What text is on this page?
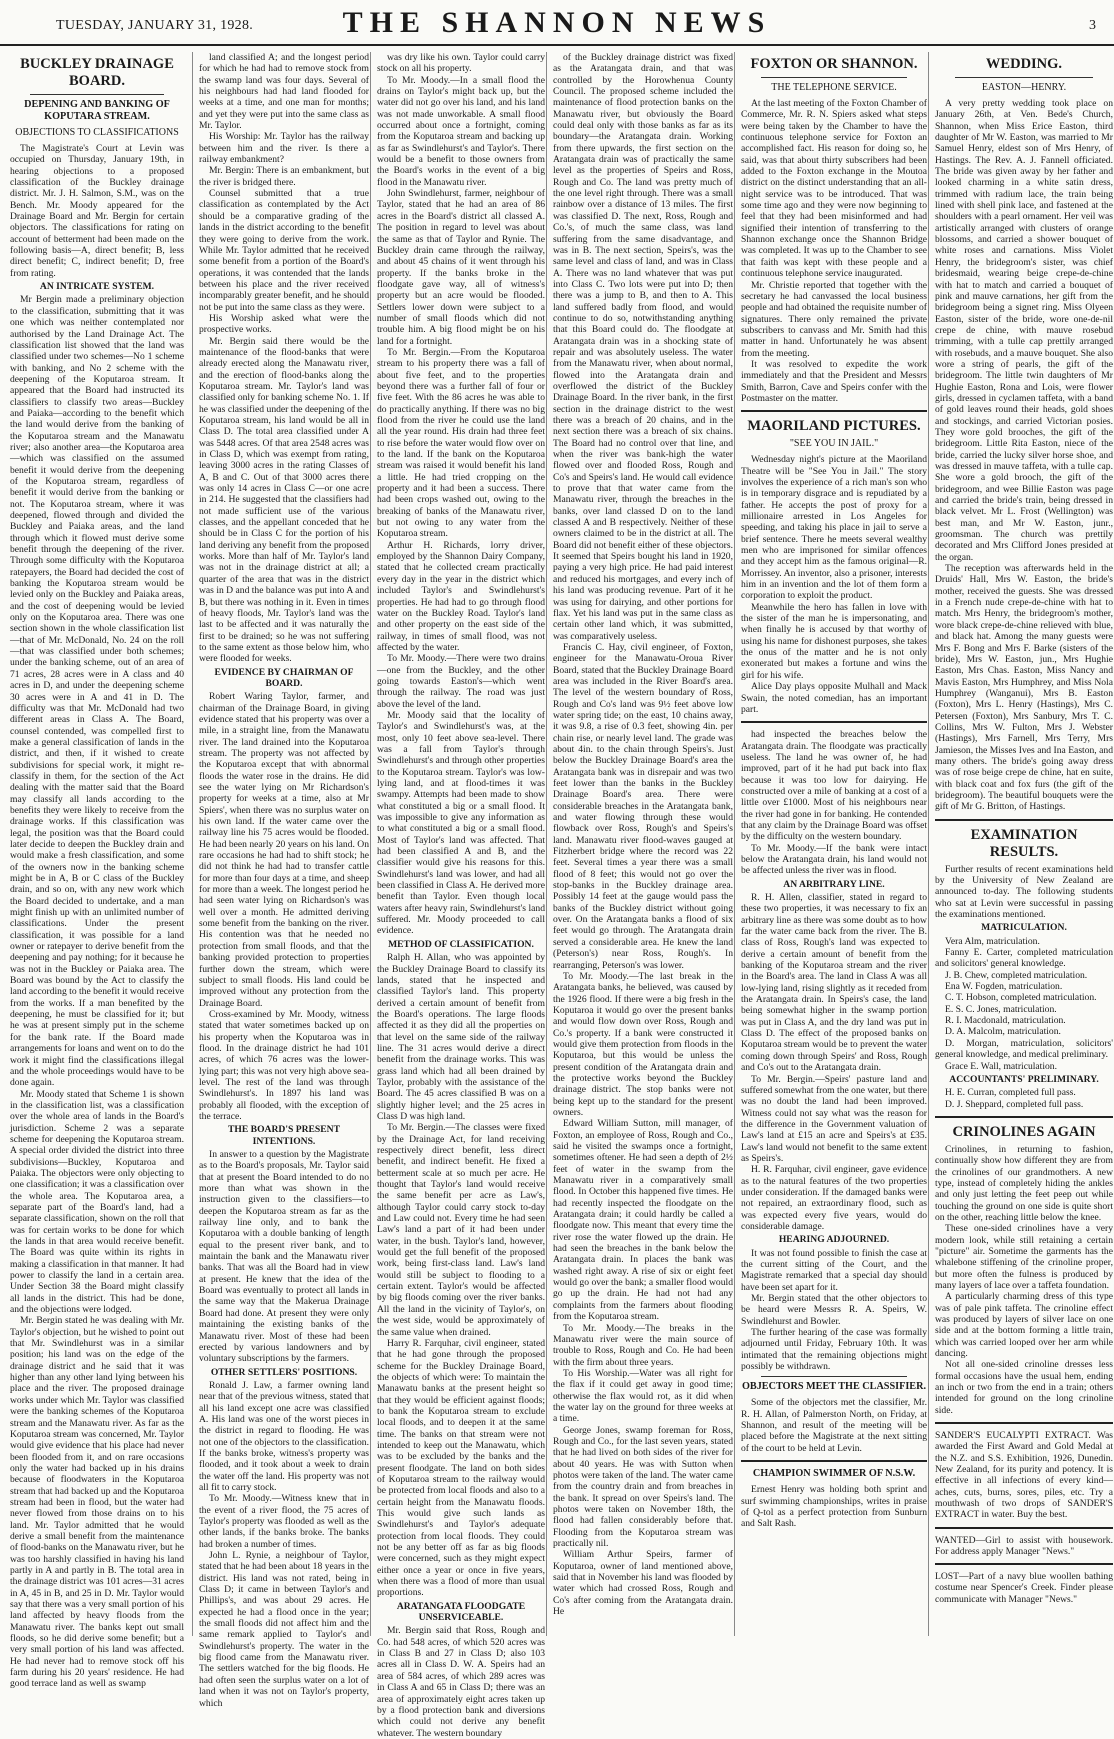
TUESDAY, JANUARY 31, 1928.	THE SHANNON NEWS	3
BUCKLEY DRAINAGE BOARD.
DEPENING AND BANKING OF KOPUTARA STREAM.
OBJECTIONS TO CLASSIFICATIONS

The Magistrate's Court at Levin was occupied on Thursday, January 19th, in hearing objections to a proposed classification of the Buckley drainage district. Mr. J. H. Salmon, S.M., was on the Bench. Mr. Moody appeared for the Drainage Board and Mr. Bergin for certain objectors. The classifications for rating on account of betterment had been made on the following basis—A, direct benefit; B, less direct benefit; C, indirect benefit; D, free from rating.

AN INTRICATE SYSTEM.

Mr Bergin made a preliminary objection to the classification, submitting that it was one which was neither contemplated nor authorised by the Land Drainage Act. The classification list showed that the land was classified under two schemes—No 1 scheme with banking, and No 2 scheme with the deepening of the Koputaroa stream. It appeared that the Board had instructed its classifiers to classify two areas—Buckley and Paiaka—according to the benefit which the land would derive from the banking of the Koputaroa stream and the Manawatu river; also another area—the Koputaroa area—which was classified on the assumed benefit it would derive from the deepening of the Koputaroa stream, regardless of benefit it would derive from the banking or not. The Koputaroa stream, where it was deepened, flowed through and divided the Buckley and Paiaka areas, and the land through which it flowed must derive some benefit through the deepening of the river. Through some difficulty with the Koputaroa ratepayers, the Board had decided the cost of banking the Koputaroa stream would be levied only on the Buckley and Paiaka areas, and the cost of deepening would be levied only on the Koputaroa area. There was one section shown in the whole classification list—that of Mr. McDonald, No. 24 on the roll—that was classified under both schemes; under the banking scheme, out of an area of 71 acres, 28 acres were in A class and 40 acres in D, and under the deepening scheme 30 acres were in A and 41 in D. The difficulty was that Mr. McDonald had two different areas in Class A. The Board, counsel contended, was compelled first to make a general classification of lands in the district, and then, if it wished to create subdivisions for special work, it might re-classify in them, for the section of the Act dealing with the matter said that the Board may classify all lands according to the benefits they were likely to receive from the drainage works. If this classification was legal, the position was that the Board could later decide to deepen the Buckley drain and would make a fresh classification, and some of the owners now in the banking scheme might be in A, B or C class of the Buckley drain, and so on, with any new work which the Board decided to undertake, and a man might finish up with an unlimited number of classifications. Under the present classification, it was possible for a land owner or ratepayer to derive benefit from the deepening and pay nothing; for it because he was not in the Buckley or Paiaka area. The Board was bound by the Act to classify the land according to the benefit it would receive from the works. If a man benefited by the deepening, he must be classified for it; but he was at present simply put in the scheme for the bank rate. If the Board made arrangements for loans and went on to do the work it might find the classifications illegal and the whole proceedings would have to be done again.

Mr. Moody stated that Scheme 1 is shown in the classification list, was a classification over the whole area of lands in the Board's jurisdiction. Scheme 2 was a separate scheme for deepening the Koputaroa stream. A special order divided the district into three subdivisions—Buckley, Koputaroa and Paiaka. The objectors were only objecting to one classification; it was a classification over the whole area. The Koputaroa area, a separate part of the Board's land, had a separate classification, shown on the roll that was for certain works to be done for which the lands in that area would receive benefit. The Board was quite within its rights in making a classification in that manner. It had power to classify the land in a certain area. Under Section 38 the Board might classify all lands in the district. This had be done, and the objections were lodged.

Mr. Bergin stated he was dealing with Mr. Taylor's objection, but he wished to point out that Mr. Swindlehurst was in a similar position; his land was on the edge of the drainage district and he said that it was higher than any other land lying between his place and the river. The proposed drainage works under which Mr. Taylor was classified were the banking schemes of the Koputaroa stream and the Manawatu river. As far as the Koputaroa stream was concerned, Mr. Taylor would give evidence that his place had never been flooded from it, and on rare occasions only the water had backed up in his drains because of floodwaters in the Koputaroa stream that had backed up and the Koputaroa stream had been in flood, but the water had never flowed from those drains on to his land. Mr. Taylor admitted that he would derive a small benefit from the maintenance of flood-banks on the Manawatu river, but he was too harshly classified in having his land partly in A and partly in B. The total area in the drainage district was 101 acres—31 acres in A, 45 in B, and 25 in D. Mr. Taylor would say that there was a very small portion of his land affected by heavy floods from the Manawatu river. The banks kept out small floods, so he did derive some benefit; but a very small portion of his land was affected. He had never had to remove stock off his farm during his 20 years' residence. He had good terrace land as well as swamp

land classified A; and the longest period for which he had had to remove stock from the swamp land was four days. Several of his neighbours had had land flooded for weeks at a time, and one man for months; and yet they were put into the same class as Mr. Taylor.

His Worship: Mr. Taylor has the railway between him and the river. Is there a railway embankment?

Mr. Bergin: There is an embankment, but the river is bridged there.

Counsel submitted that a true classification as contemplated by the Act should be a comparative grading of the lands in the district according to the benefit they were going to derive from the work. While Mr. Taylor admitted that he received some benefit from a portion of the Board's operations, it was contended that the lands between his place and the river received incomparably greater benefit, and he should not be put into the same class as they were.

His Worship asked what were the prospective works.

Mr. Bergin said there would be the maintenance of the flood-banks that were already erected along the Manawatu river, and the erection of flood-banks along the Koputaroa stream. Mr. Taylor's land was classified only for banking scheme No. 1. If he was classified under the deepening of the Koputaroa stream, his land would be all in Class D. The total area classified under A was 5448 acres. Of that area 2548 acres was in Class D, which was exempt from rating, leaving 3000 acres in the rating Classes of A, B and C. Out of that 3000 acres there was only 14 acres in Class C—or one acre in 214. He suggested that the classifiers had not made sufficient use of the various classes, and the appellant conceded that he should be in Class C for the portion of his land deriving any benefit from the proposed works. More than half of Mr. Taylor's land was not in the drainage district at all; a quarter of the area that was in the district was in D and the balance was put into A and B, but there was nothing in it. Even in times of heavy floods, Mr. Taylor's land was the last to be affected and it was naturally the first to be drained; so he was not suffering to the same extent as those below him, who were flooded for weeks.

EVIDENCE BY CHAIRMAN OF BOARD.

Robert Waring Taylor, farmer, and chairman of the Drainage Board, in giving evidence stated that his property was over a mile, in a straight line, from the Manawatu river. The land drained into the Koputaroa stream. The property was not affected by the Koputaroa except that with abnormal floods the water rose in the drains. He did see the water lying on Mr Richardson's property for weeks at a time, also at Mr Spiers', when there was no surplus water on his own land. If the water came over the railway line his 75 acres would be flooded. He had been nearly 20 years on his land. On rare occasions he had had to shift stock; he did not think he had had to transfer cattle for more than four days at a time, and sheep for more than a week. The longest period he had seen water lying on Richardson's was well over a month. He admitted deriving some benefit from the banking on the river. His contention was that he needed no protection from small floods, and that the banking provided protection to properties further down the stream, which were subject to small floods. His land could be improved without any protection from the Drainage Board.

Cross-examined by Mr. Moody, witness stated that water sometimes backed up on his property when the Koputaroa was in flood. In the drainage district he had 101 acres, of which 76 acres was the lower-lying part; this was not very high above sea-level. The rest of the land was through Swindlehurst's. In 1897 his land was probably all flooded, with the exception of the terrace.

THE BOARD'S PRESENT INTENTIONS.

In answer to a question by the Magistrate as to the Board's proposals, Mr. Taylor said that at present the Board intended to do no more than what was shown in the instruction given to the classifiers—to deepen the Koputaroa stream as far as the railway line only, and to bank the Koputaroa with a double banking of length equal to the present river bank, and to maintain the bank and the Manawatu river banks. That was all the Board had in view at present. He knew that the idea of the Board was eventually to protect all lands in the same way that the Makerua Drainage Board had done. At present they were only maintaining the existing banks of the Manawatu river. Most of these had been erected by various landowners and by voluntary subscriptions by the farmers.

OTHER SETTLERS' POSITIONS.

Ronald J. Law, a farmer owning land near that of the previous witness, stated that all his land except one acre was classified A. His land was one of the worst pieces in the district in regard to flooding. He was not one of the objectors to the classification. If the banks broke, witness's property was flooded, and it took about a week to drain the water off the land. His property was not all fit to carry stock.

To Mr. Moody.—Witness knew that in the event of a river flood, the 75 acres of Taylor's property was flooded as well as the other lands, if the banks broke. The banks had broken a number of times.

John L. Rynie, a neighbour of Taylor, stated that he had been about 18 years in the district. His land was not rated, being in Class D; it came in between Taylor's and Phillips's, and was about 29 acres. He expected he had a flood once in the year; the small floods did not affect him and the same remark applied to Taylor's and Swindlehurst's property. The water in the big flood came from the Manawatu river. The settlers watched for the big floods. He had often seen the surplus water on a lot of land when it was not on Taylor's property, which

was dry like his own. Taylor could carry stock on all his property.

To Mr. Moody.—In a small flood the drains on Taylor's might back up, but the water did not go over his land, and his land was not made unworkable. A small flood occurred about once a fortnight, coming from the Koputaroa stream and backing up as far as Swindlehurst's and Taylor's. There would be a benefit to those owners from the Board's works in the event of a big flood in the Manawatu river.

John Swindlehurst, farmer, neighbour of Taylor, stated that he had an area of 86 acres in the Board's district all classed A. The position in regard to level was about the same as that of Taylor and Rynie. The Buckley drain came through the railway, and about 45 chains of it went through his property. If the banks broke in the floodgate gave way, all of witness's property but an acre would be flooded. Settlers lower down were subject to a number of small floods which did not trouble him. A big flood might be on his land for a fortnight.

To Mr. Bergin.—From the Koputaroa stream to his property there was a fall of about five feet, and to the properties beyond there was a further fall of four or five feet. With the 86 acres he was able to do practically anything. If there was no big flood from the river he could use the land all the year round. His drain had three feet to rise before the water would flow over on to the land. If the bank on the Koputaroa stream was raised it would benefit his land a little. He had tried cropping on the property and it had been a success. There had been crops washed out, owing to the breaking of banks of the Manawatu river, but not owing to any water from the Koputaroa stream.

Arthur H. Richards, lorry driver, employed by the Shannon Dairy Company, stated that he collected cream practically every day in the year in the district which included Taylor's and Swindlehurst's properties. He had had to go through flood water on the Buckley Road. Taylor's land and other property on the east side of the railway, in times of small flood, was not affected by the water.

To Mr. Moody.—There were two drains—one from the Buckley, and the other going towards Easton's—which went through the railway. The road was just above the level of the land.

Mr. Moody said that the locality of Taylor's and Swindlehurst's was, at the most, only 10 feet above sea-level. There was a fall from Taylor's through Swindlehurst's and through other properties to the Koputaroa stream. Taylor's was low-lying land, and at flood-times it was swampy. Attempts had been made to show what constituted a big or a small flood. It was impossible to give any information as to what constituted a big or a small flood. Most of Taylor's land was affected. That had been classified A and B, and the classifier would give his reasons for this. Swindlehurst's land was lower, and had all been classified in Class A. He derived more benefit than Taylor. Even though local waters after heavy rain, Swindlehurst's land suffered. Mr. Moody proceeded to call evidence.

METHOD OF CLASSIFICATION.

Ralph H. Allan, who was appointed by the Buckley Drainage Board to classify its lands, stated that he inspected and classified Taylor's land. This property derived a certain amount of benefit from the Board's operations. The large floods affected it as they did all the properties on that level on the same side of the railway line. The 31 acres would derive a direct benefit from the drainage works. This was grass land which had all been drained by Taylor, probably with the assistance of the Board. The 45 acres classified B was on a slightly higher level; and the 25 acres in Class D was high land.

To Mr. Bergin.—The classes were fixed by the Drainage Act, for land receiving respectively direct benefit, less direct benefit, and indirect benefit. He fixed a betterment scale at so much per acre. He thought that Taylor's land would receive the same benefit per acre as Law's, although Taylor could carry stock to-day and Law could not. Every time he had seen Law's land a part of it had been under water, in the bush. Taylor's land, however, would get the full benefit of the proposed work, being first-class land. Law's land would still be subject to flooding to a certain extent. Taylor's would be affected by big floods coming over the river banks. All the land in the vicinity of Taylor's, on the west side, would be approximately of the same value when drained.

Harry R. Farquhar, civil engineer, stated that he had gone through the proposed scheme for the Buckley Drainage Board, the objects of which were: To maintain the Manawatu banks at the present height so that they would be efficient against floods; to bank the Koputaroa stream to exclude local floods, and to deepen it at the same time. The banks on that stream were not intended to keep out the Manawatu, which was to be excluded by the banks and the present floodgate. The land on both sides of Koputaroa stream to the railway would be protected from local floods and also to a certain height from the Manawatu floods. This would give such lands as Swindlehurst's and Taylor's adequate protection from local floods. They could not be any better off as far as big floods were concerned, such as they might expect either once a year or once in five years, when there was a flood of more than usual proportions.

ARATANGATA FLOODGATE UNSERVICEABLE.

Mr. Bergin said that Ross, Rough and Co. had 548 acres, of which 520 acres was in Class B and 27 in Class D; also 103 acres all in Class D. W. A. Speirs had an area of 584 acres, of which 289 acres was in Class A and 65 in Class D; there was an area of approximately eight acres taken up by a flood protection bank and diversions which could not derive any benefit whatever. The western boundary

of the Buckley drainage district was fixed as the Aratangata drain, and that was controlled by the Horowhenua County Council. The proposed scheme included the maintenance of flood protection banks on the Manawatu river, but obviously the Board could deal only with those banks as far as its boundary—the Aratangata drain. Working from there upwards, the first section on the Aratangata drain was of practically the same level as the properties of Speirs and Ross, Rough and Co. The land was pretty much of the one level right through. There was a small rainbow over a distance of 13 miles. The first was classified D. The next, Ross, Rough and Co.'s, of much the same class, was land suffering from the same disadvantage, and was in B. The next section, Speirs's, was the same level and class of land, and was in Class A. There was no land whatever that was put into Class C. Two lots were put into D; then there was a jump to B, and then to A. This land suffered badly from flood, and would continue to do so, notwithstanding anything that this Board could do. The floodgate at Aratangata drain was in a shocking state of repair and was absolutely useless. The water from the Manawatu river, when about normal, flowed into the Aratangata drain and overflowed the district of the Buckley Drainage Board. In the river bank, in the first section in the drainage district to the west there was a breach of 20 chains, and in the next section there was a breach of six chains. The Board had no control over that line, and when the river was bank-high the water flowed over and flooded Ross, Rough and Co's and Speirs's land. He would call evidence to prove that that water came from the Manawatu river, through the breaches in the banks, over land classed D on to the land classed A and B respectively. Neither of these owners claimed to be in the district at all. The Board did not benefit either of these objectors. It seemed that Speirs bought his land in 1920, paying a very high price. He had paid interest and reduced his mortgages, and every inch of his land was producing revenue. Part of it he was using for dairying, and other portions for flax. Yet his land was put in the same class as certain other land which, it was submitted, was comparatively useless.

Francis C. Hay, civil engineer, of Foxton, engineer for the Manawatu-Oroua River Board, stated that the Buckley Drainage Board area was included in the River Board's area. The level of the western boundary of Ross, Rough and Co's land was 9½ feet above low water spring tide; on the east, 10 chains away, it was 9.8, a rise of 0.3 feet, showing 4in. per chain rise, or nearly level land. The grade was about 4in. to the chain through Speirs's. Just below the Buckley Drainage Board's area the Aratangata bank was in disrepair and was two feet lower than the banks in the Buckley Drainage Board's area. There were considerable breaches in the Aratangata bank, and water flowing through these would flowback over Ross, Rough's and Speirs's land. Manawatu river flood-waves gauged at Fitzherbert bridge where the record was 22 feet. Several times a year there was a small flood of 8 feet; this would not go over the stop-banks in the Buckley drainage area. Possibly 14 feet at the gauge would pass the banks of the Buckley district without going over. On the Aratangata banks a flood of six feet would go through. The Aratangata drain served a considerable area. He knew the land (Peterson's) near Ross, Rough's. In rearranging, Peterson's was lower.

To Mr. Moody.—The last break in the Aratangata banks, he believed, was caused by the 1926 flood. If there were a big fresh in the Koputaroa it would go over the present banks and would flow down over Ross, Rough and Co.'s property. If a bank were constructed it would give them protection from floods in the Koputaroa, but this would be unless the present condition of the Aratangata drain and the protective works beyond the Buckley drainage district. The stop banks were not being kept up to the standard for the present owners.

Edward William Sutton, mill manager, of Foxton, an employee of Ross, Rough and Co., said he visited the swamps once a fortnight, sometimes oftener. He had seen a depth of 2½ feet of water in the swamp from the Manawatu river in a comparatively small flood. In October this happened five times. He had recently inspected the floodgate on the Aratangata drain; it could hardly be called a floodgate now. This meant that every time the river rose the water flowed up the drain. He had seen the breaches in the bank below the Aratangata drain. In places the bank was washed right away. A rise of six or eight feet would go over the bank; a smaller flood would go up the drain. He had not had any complaints from the farmers about flooding from the Koputaroa stream.

To Mr. Moody.—The breaks in the Manawatu river were the main source of trouble to Ross, Rough and Co. He had been with the firm about three years.

To His Worship.—Water was all right for the flax if it could get away in good time; otherwise the flax would rot, as it did when the water lay on the ground for three weeks at a time.

George Jones, swamp foreman for Ross, Rough and Co., for the last seven years, stated that he had lived on both sides of the river for about 40 years. He was with Sutton when photos were taken of the land. The water came from the country drain and from breaches in the bank. It spread on over Speirs's land. The photos were taken on November 18th, the flood had fallen considerably before that. Flooding from the Koputaroa stream was practically nil.

William Arthur Speirs, farmer of Koputaroa, owner of land mentioned above, said that in November his land was flooded by water which had crossed Ross, Rough and Co's after coming from the Aratangata drain. He

FOXTON OR SHANNON.
THE TELEPHONE SERVICE.

At the last meeting of the Foxton Chamber of Commerce, Mr. R. N. Spiers asked what steps were being taken by the Chamber to have the continuous telephone service for Foxton an accomplished fact. His reason for doing so, he said, was that about thirty subscribers had been added to the Foxton exchange in the Moutoa district on the distinct understanding that an all-night service was to be introduced. That was some time ago and they were now beginning to feel that they had been misinformed and had signified their intention of transferring to the Shannon exchange once the Shannon Bridge was completed. It was up to the Chamber to see that faith was kept with these people and a continuous telephone service inaugurated.

Mr. Christie reported that together with the secretary he had canvassed the local business people and had obtained the requisite number of signatures. There only remained the private subscribers to canvass and Mr. Smith had this matter in hand. Unfortunately he was absent from the meeting.

It was resolved to expedite the work immediately and that the President and Messrs Smith, Barron, Cave and Speirs confer with the Postmaster on the matter.

MAORILAND PICTURES.
"SEE YOU IN JAIL."

Wednesday night's picture at the Maoriland Theatre will be "See You in Jail." The story involves the experience of a rich man's son who is in temporary disgrace and is repudiated by a father. He accepts the post of proxy for a millionaire arrested in Los Angeles for speeding, and taking his place in jail to serve a brief sentence. There he meets several wealthy men who are imprisoned for similar offences and they accept him as the famous original—R. Morrissey. An inventor, also a prisoner, interests him in an invention and the lot of them form a corporation to exploit the product.

Meanwhile the hero has fallen in love with the sister of the man he is impersonating, and when finally he is accused by that worthy of using his name for dishonest purposes, she takes the onus of the matter and he is not only exonerated but makes a fortune and wins the girl for his wife.

Alice Day plays opposite Mulhall and Mack Swain, the noted comedian, has an important part.

had inspected the breaches below the Aratangata drain. The floodgate was practically useless. The land he was owner of, he had improved, part of it he had put back into flax because it was too low for dairying. He constructed over a mile of banking at a cost of a little over £1000. Most of his neighbours near the river had gone in for banking. He contended that any claim by the Drainage Board was offset by the difficulty on the western boundary.

To Mr. Moody.—If the bank were intact below the Aratangata drain, his land would not be affected unless the river was in flood.

AN ARBITRARY LINE.

R. H. Allen, classifier, stated in regard to these two properties, it was necessary to fix an arbitrary line as there was some doubt as to how far the water came back from the river. The B. class of Ross, Rough's land was expected to derive a certain amount of benefit from the banking of the Koputaroa stream and the river in the Board's area. The land in Class A was all low-lying land, rising slightly as it receded from the Aratangata drain. In Speirs's case, the land being somewhat higher in the swamp portion was put in Class A, and the dry land was put in Class D. The effect of the proposed banks on Koputaroa stream would be to prevent the water coming down through Speirs' and Ross, Rough and Co's out to the Aratangata drain.

To Mr. Bergin.—Speirs' pasture land and suffered somewhat from the one water, but there was no doubt the land had been improved. Witness could not say what was the reason for the difference in the Government valuation of Law's land at £15 an acre and Speirs's at £35. Law's land would not benefit to the same extent as Speirs's.

H. R. Farquhar, civil engineer, gave evidence as to the natural features of the two properties under consideration. If the damaged banks were not repaired, an extraordinary flood, such as was expected every five years, would do considerable damage.

HEARING ADJOURNED.

It was not found possible to finish the case at the current sitting of the Court, and the Magistrate remarked that a special day should have been set apart for it.

Mr. Bergin stated that the other objectors to be heard were Messrs R. A. Speirs, W. Swindlehurst and Bowler.

The further hearing of the case was formally adjourned until Friday, February 10th. It was intimated that the remaining objections might possibly be withdrawn.

OBJECTORS MEET THE CLASSIFIER.

Some of the objectors met the classifier, Mr. R. H. Allan, of Palmerston North, on Friday, at Shannon, and result of the meeting will be placed before the Magistrate at the next sitting of the court to be held at Levin.

CHAMPION SWIMMER OF N.S.W.

Ernest Henry was holding both sprint and surf swimming championships, writes in praise of Q-tol as a perfect protection from Sunburn and Salt Rash.

WEDDING.
EASTON—HENRY.

A very pretty wedding took place on January 26th, at Ven. Bede's Church, Shannon, when Miss Erice Easton, third daughter of Mr W. Easton, was married to Mr Samuel Henry, eldest son of Mrs Henry, of Hastings. The Rev. A. J. Fannell officiated. The bride was given away by her father and looked charming in a white satin dress, trimmed with radium lace, the train being lined with shell pink lace, and fastened at the shoulders with a pearl ornament. Her veil was artistically arranged with clusters of orange blossoms, and carried a shower bouquet of white roses and carnations. Miss Violet Henry, the bridegroom's sister, was chief bridesmaid, wearing beige crepe-de-chine with hat to match and carried a bouquet of pink and mauve carnations, her gift from the bridegroom being a signet ring. Miss Olyeen Easton, sister of the bride, wore one-de-nil crepe de chine, with mauve rosebud trimming, with a tulle cap prettily arranged with rosebuds, and a mauve bouquet. She also wore a string of pearls, the gift of the bridegroom. The little twin daughters of Mr Hughie Easton, Rona and Lois, were flower girls, dressed in cyclamen taffeta, with a band of gold leaves round their heads, gold shoes and stockings, and carried Victorian posies. They wore gold brooches, the gift of the bridegroom. Little Rita Easton, niece of the bride, carried the lucky silver horse shoe, and was dressed in mauve taffeta, with a tulle cap. She wore a gold brooch, the gift of the bridegroom, and wee Billie Easton was page and carried the bride's train, being dressed in black velvet. Mr L. Frost (Wellington) was best man, and Mr W. Easton, junr., groomsman. The church was prettily decorated and Mrs Clifford Jones presided at the organ.

The reception was afterwards held in the Druids' Hall, Mrs W. Easton, the bride's mother, received the guests. She was dressed in a French nude crepe-de-chine with hat to match. Mrs Henry, the bridegroom's mother, wore black crepe-de-chine relieved with blue, and black hat. Among the many guests were Mrs F. Bong and Mrs F. Barke (sisters of the bride), Mrs W. Easton, jun., Mrs Hughie Easton, Mrs Chas. Easton, Miss Nancy and Mavis Easton, Mrs Humphrey, and Miss Nola Humphrey (Wanganui), Mrs B. Easton (Foxton), Mrs L. Henry (Hastings), Mrs C. Petersen (Foxton), Mrs Sanbury, Mrs T. C. Collins, Mrs W. Fulton, Mrs J. Webster (Hastings), Mrs Farnell, Mrs Terry, Mrs Jamieson, the Misses Ives and Ina Easton, and many others. The bride's going away dress was of rose beige crepe de chine, hat en suite, with black coat and fox furs (the gift of the bridegroom). The beautiful bouquets were the gift of Mr G. Britton, of Hastings.

EXAMINATION RESULTS.

Further results of recent examinations held by the University of New Zealand are announced to-day. The following students who sat at Levin were successful in passing the examinations mentioned.

MATRICULATION.

Vera Alm, matriculation.

Fanny E. Carter, completed matriculation and solicitors' general knowledge.

J. B. Chew, completed matriculation.

Ena W. Fogden, matriculation.

C. T. Hobson, completed matriculation.

E. S. C. Jones, matriculation.

R. I. Macdonald, matriculation.

D. A. Malcolm, matriculation.

D. Morgan, matriculation, solicitors' general knowledge, and medical preliminary.

Grace E. Wall, matriculation.

ACCOUNTANTS' PRELIMINARY.

H. E. Curran, completed full pass.

D. J. Sheppard, completed full pass.

CRINOLINES AGAIN

Crinolines, in returning to fashion, continually show how different they are from the crinolines of our grandmothers. A new type, instead of completely hiding the ankles and only just letting the feet peep out while touching the ground on one side is quite short on the other, reaching little below the knee.

These one-sided crinolines have a very modern look, while still retaining a certain "picture" air. Sometime the garments has the whalebone stiffening of the crinoline proper, but more often the fulness is produced by many layers of lace over a taffeta foundation.

A particularly charming dress of this type was of pale pink taffeta. The crinoline effect was produced by layers of silver lace on one side and at the bottom forming a little train, which was carried looped over her arm while dancing.

Not all one-sided crinoline dresses less formal occasions have the usual hem, ending an inch or two from the end in a train; others intended for ground on the long crinoline side.

SANDER'S EUCALYPTI EXTRACT. Was awarded the First Award and Gold Medal at the N.Z. and S.S. Exhibition, 1926, Dunedin. New Zealand, for its purity and potency. It is effective in all infections of every kind—aches, cuts, burns, sores, piles, etc. Try a mouthwash of two drops of SANDER'S EXTRACT in water. Buy the best.
WANTED—Girl to assist with housework. For address apply Manager "News."
LOST—Part of a navy blue woollen bathing costume near Spencer's Creek. Finder please communicate with Manager "News."
